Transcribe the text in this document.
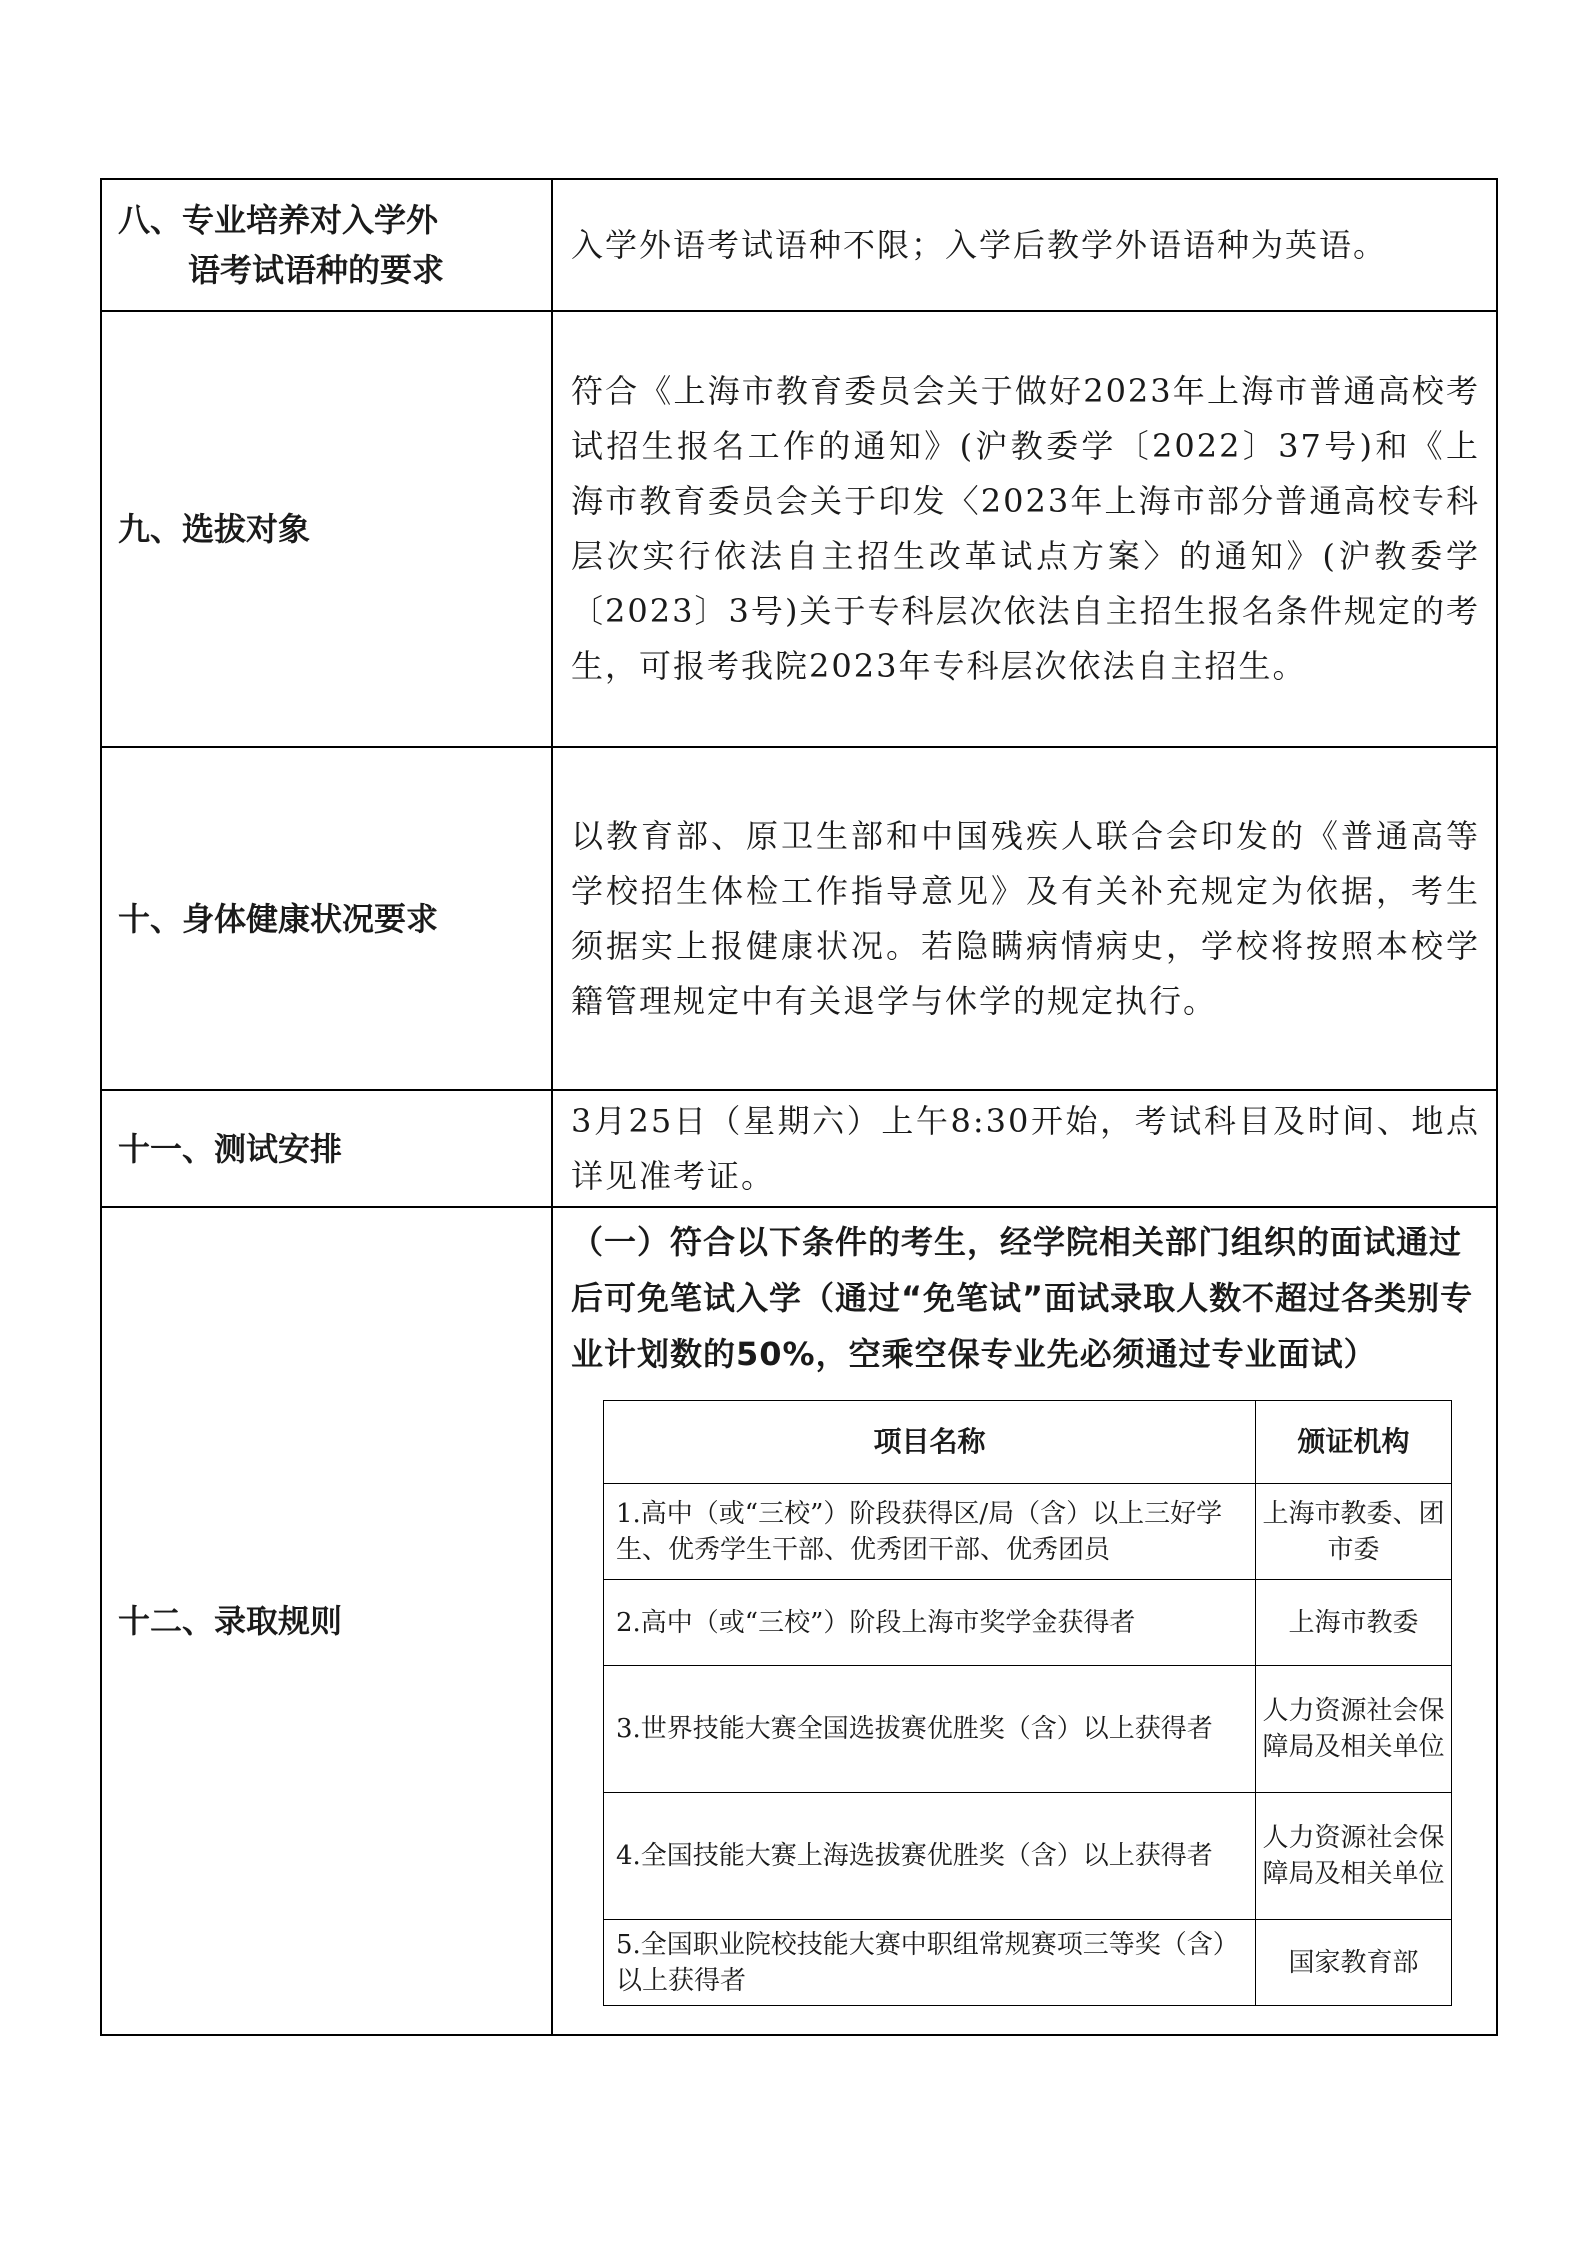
八、专业培养对入学外
语考试语种的要求
	入学外语考试语种不限；入学后教学外语语种为英语。
九、选拔对象	符合《上海市教育委员会关于做好2023年上海市普通高校考试招生报名工作的通知》(沪教委学〔2022〕37号)和《上海市教育委员会关于印发〈2023年上海市部分普通高校专科层次实行依法自主招生改革试点方案〉的通知》(沪教委学〔2023〕3号)关于专科层次依法自主招生报名条件规定的考生，可报考我院2023年专科层次依法自主招生。
十、身体健康状况要求	以教育部、原卫生部和中国残疾人联合会印发的《普通高等学校招生体检工作指导意见》及有关补充规定为依据，考生须据实上报健康状况。若隐瞒病情病史，学校将按照本校学籍管理规定中有关退学与休学的规定执行。
十一、测试安排	3月25日（星期六）上午8:30开始，考试科目及时间、地点详见准考证。
十二、录取规则	
（一）符合以下条件的考生，经学院相关部门组织的面试通过后可免笔试入学（通过“免笔试”面试录取人数不超过各类别专业计划数的50%，空乘空保专业先必须通过专业面试）
项目名称	颁证机构
1.高中（或“三校”）阶段获得区/局（含）以上三好学生、优秀学生干部、优秀团干部、优秀团员	上海市教委、团市委
2.高中（或“三校”）阶段上海市奖学金获得者	上海市教委
3.世界技能大赛全国选拔赛优胜奖（含）以上获得者	人力资源社会保障局及相关单位
4.全国技能大赛上海选拔赛优胜奖（含）以上获得者	人力资源社会保障局及相关单位
5.全国职业院校技能大赛中职组常规赛项三等奖（含）以上获得者	国家教育部
